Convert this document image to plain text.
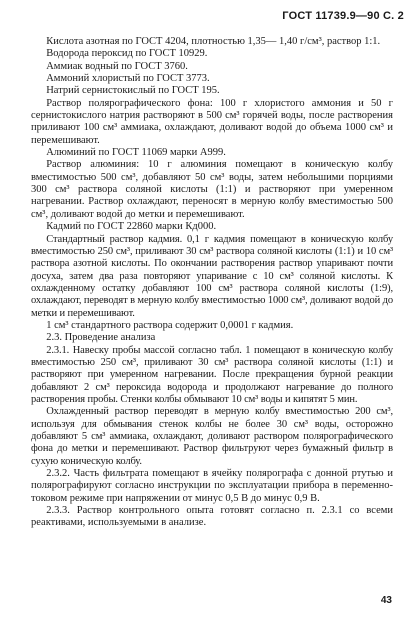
ГОСТ 11739.9—90 С. 2

Кислота азотная по ГОСТ 4204, плотностью 1,35— 1,40 г/см³, раствор 1:1.

Водорода пероксид по ГОСТ 10929.

Аммиак водный по ГОСТ 3760.

Аммоний хлористый по ГОСТ 3773.

Натрий сернистокислый по ГОСТ 195.

Раствор полярографического фона: 100 г хлористого аммония и 50 г сернистокислого натрия растворяют в 500 см³ горячей воды, после растворения приливают 100 см³ аммиака, охлаждают, доливают водой до объема 1000 см³ и перемешивают.

Алюминий по ГОСТ 11069 марки А999.

Раствор алюминия: 10 г алюминия помещают в коническую колбу вместимостью 500 см³, добавляют 50 см³ воды, затем небольшими порциями 300 см³ раствора соляной кислоты (1:1) и растворяют при умеренном нагревании. Раствор охлаждают, переносят в мерную колбу вместимостью 500 см³, доливают водой до метки и перемешивают.

Кадмий по ГОСТ 22860 марки Кд000.

Стандартный раствор кадмия. 0,1 г кадмия помещают в коническую колбу вместимостью 250 см³, приливают 30 см³ раствора соляной кислоты (1:1) и 10 см³ раствора азотной кислоты. По окончании растворения раствор упаривают почти досуха, затем два раза повторяют упаривание с 10 см³ соляной кислоты. К охлажденному остатку добавляют 100 см³ раствора соляной кислоты (1:9), охлаждают, переводят в мерную колбу вместимостью 1000 см³, доливают водой до метки и перемешивают.

1 см³ стандартного раствора содержит 0,0001 г кадмия.

2.3. Проведение анализа

2.3.1. Навеску пробы массой согласно табл. 1 помещают в коническую колбу вместимостью 250 см³, приливают 30 см³ раствора соляной кислоты (1:1) и растворяют при умеренном нагревании. После прекращения бурной реакции добавляют 2 см³ пероксида водорода и продолжают нагревание до полного растворения пробы. Стенки колбы обмывают 10 см³ воды и кипятят 5 мин.

Охлажденный раствор переводят в мерную колбу вместимостью 200 см³, используя для обмывания стенок колбы не более 30 см³ воды, осторожно добавляют 5 см³ аммиака, охлаждают, доливают раствором полярографического фона до метки и перемешивают. Раствор фильтруют через бумажный фильтр в сухую коническую колбу.

2.3.2. Часть фильтрата помещают в ячейку полярографа с донной ртутью и полярографируют согласно инструкции по эксплуатации прибора в переменно-токовом режиме при напряжении от минус 0,5 В до минус 0,9 В.

2.3.3. Раствор контрольного опыта готовят согласно п. 2.3.1 со всеми реактивами, используемыми в анализе.

43
